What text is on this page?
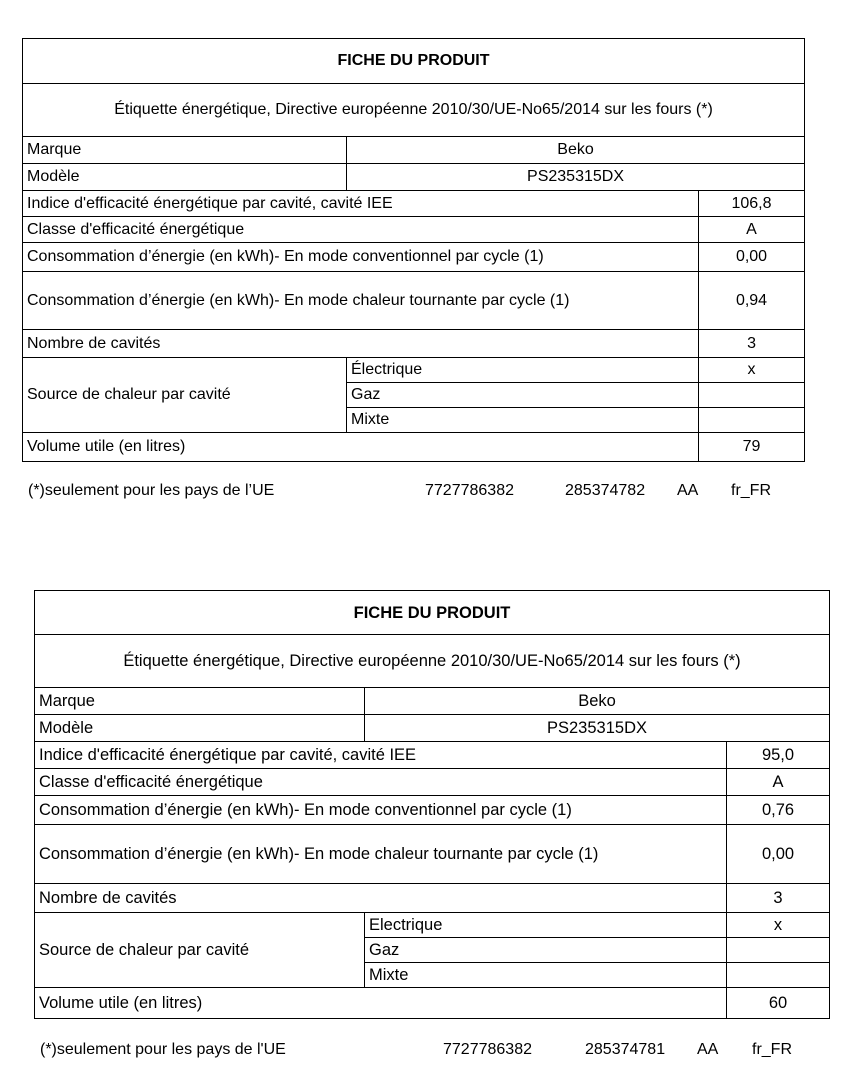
FICHE DU PRODUIT		
Étiquette énergétique, Directive européenne 2010/30/UE-No65/2014 sur les fours (*)		
Marque	Beko	
Modèle	PS235315DX	
Indice d'efficacité énergétique par cavité, cavité IEE		106,8
Classe d'efficacité énergétique		A
Consommation d’énergie (en kWh)- En mode conventionnel par cycle (1)		0,00
Consommation d’énergie (en kWh)- En mode chaleur tournante par cycle (1)		0,94
Nombre de cavités		3
Source de chaleur par cavité	Électrique	x
	Gaz	
	Mixte	
Volume utile (en litres)		79
(*)seulement pour les pays de l’UE	7727786382	285374782 AA fr_FR
FICHE DU PRODUIT		
Étiquette énergétique, Directive européenne 2010/30/UE-No65/2014 sur les fours (*)		
Marque	Beko	
Modèle	PS235315DX	
Indice d'efficacité énergétique par cavité, cavité IEE		95,0
Classe d'efficacité énergétique		A
Consommation d’énergie (en kWh)- En mode conventionnel par cycle (1)		0,76
Consommation d’énergie (en kWh)- En mode chaleur tournante par cycle (1)		0,00
Nombre de cavités		3
Source de chaleur par cavité	Electrique	x
	Gaz	
	Mixte	
Volume utile (en litres)		60
(*)seulement pour les pays de l'UE	7727786382	285374781 AA fr_FR
